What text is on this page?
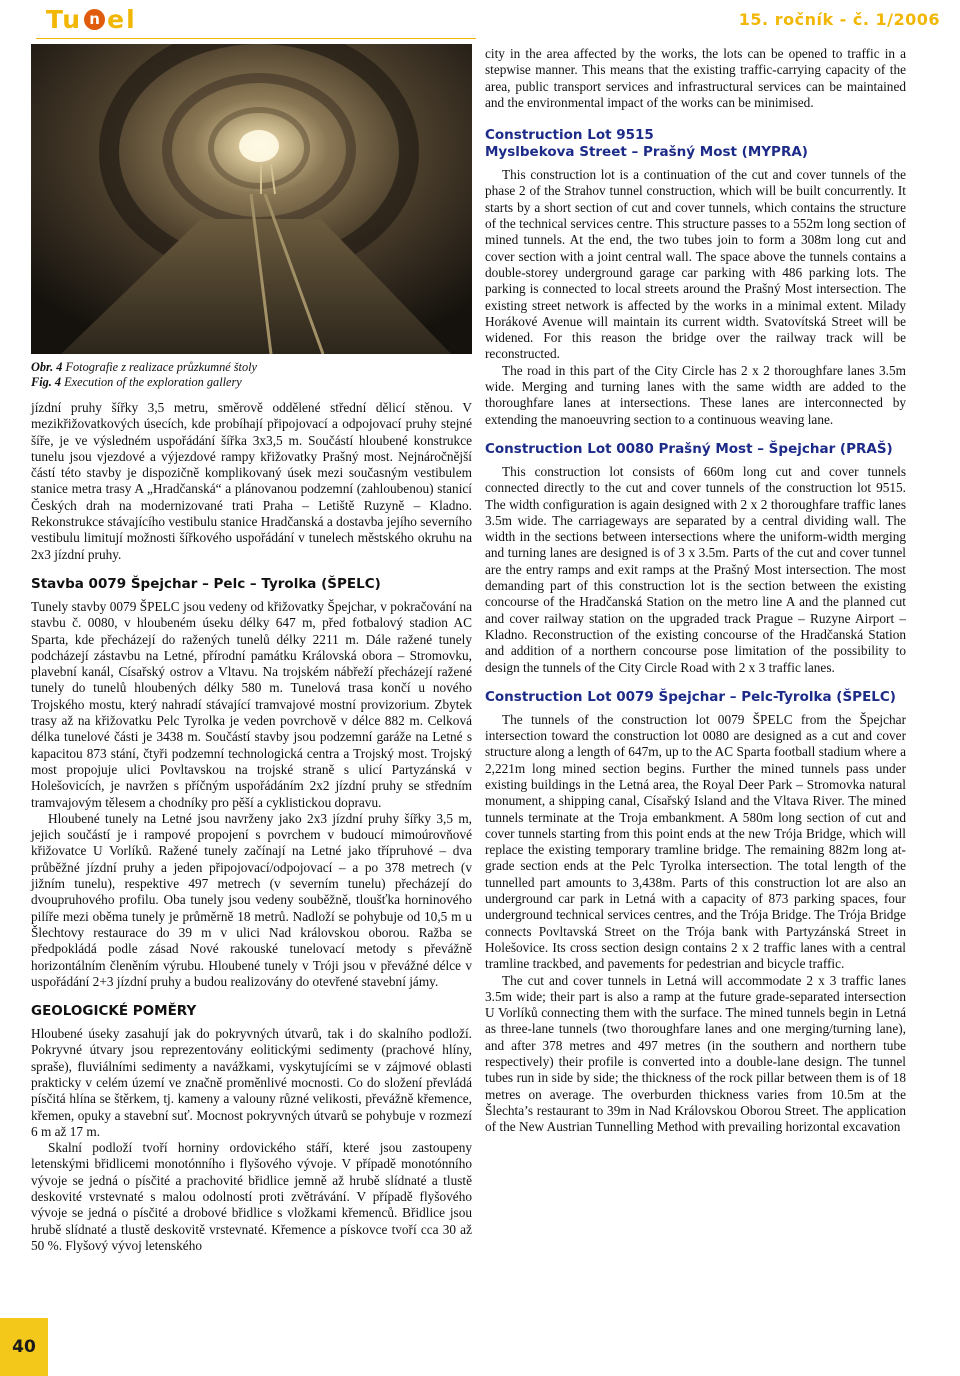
Tu n el	15. ročník - č. 1/2006
Obr. 4 Fotografie z realizace průzkumné štoly
Fig. 4 Execution of the exploration gallery

jízdní pruhy šířky 3,5 metru, směrově oddělené střední dělicí stěnou. V mezikřižovatkových úsecích, kde probíhají připojovací a odpojovací pruhy stejné šíře, je ve výsledném uspořádání šířka 3x3,5 m. Součástí hloubené konstrukce tunelu jsou vjezdové a výjezdové rampy křižovatky Prašný most. Nejnáročnější částí této stavby je dispozičně komplikovaný úsek mezi současným vestibulem stanice metra trasy A „Hradčanská“ a plánovanou podzemní (zahloubenou) stanicí Českých drah na modernizované trati Praha – Letiště Ruzyně – Kladno. Rekonstrukce stávajícího vestibulu stanice Hradčanská a dostavba jejího severního vestibulu limitují možnosti šířkového uspořádání v tunelech městského okruhu na 2x3 jízdní pruhy.

Stavba 0079 Špejchar – Pelc – Tyrolka (ŠPELC)

Tunely stavby 0079 ŠPELC jsou vedeny od křižovatky Špejchar, v pokračování na stavbu č. 0080, v hloubeném úseku délky 647 m, před fotbalový stadion AC Sparta, kde přecházejí do ražených tunelů délky 2211 m. Dále ražené tunely podcházejí zástavbu na Letné, přírodní památku Královská obora – Stromovku, plavební kanál, Císařský ostrov a Vltavu. Na trojském nábřeží přecházejí ražené tunely do tunelů hloubených délky 580 m. Tunelová trasa končí u nového Trojského mostu, který nahradí stávající tramvajové mostní provizorium. Zbytek trasy až na křižovatku Pelc Tyrolka je veden povrchově v délce 882 m. Celková délka tunelové části je 3438 m. Součástí stavby jsou podzemní garáže na Letné s kapacitou 873 stání, čtyři podzemní technologická centra a Trojský most. Trojský most propojuje ulici Povltavskou na trojské straně s ulicí Partyzánská v Holešovicích, je navržen s příčným uspořádáním 2x2 jízdní pruhy se středním tramvajovým tělesem a chodníky pro pěší a cyklistickou dopravu.

Hloubené tunely na Letné jsou navrženy jako 2x3 jízdní pruhy šířky 3,5 m, jejich součástí je i rampové propojení s povrchem v budoucí mimoúrovňové křižovatce U Vorlíků. Ražené tunely začínají na Letné jako třípruhové – dva průběžné jízdní pruhy a jeden připojovací/odpojovací – a po 378 metrech (v jižním tunelu), respektive 497 metrech (v severním tunelu) přecházejí do dvoupruhového profilu. Oba tunely jsou vedeny souběžně, tloušťka horninového pilíře mezi oběma tunely je průměrně 18 metrů. Nadloží se pohybuje od 10,5 m u Šlechtovy restaurace do 39 m v ulici Nad královskou oborou. Ražba se předpokládá podle zásad Nové rakouské tunelovací metody s převážně horizontálním členěním výrubu. Hloubené tunely v Tróji jsou v převážné délce v uspořádání 2+3 jízdní pruhy a budou realizovány do otevřené stavební jámy.

GEOLOGICKÉ POMĚRY

Hloubené úseky zasahují jak do pokryvných útvarů, tak i do skalního podloží. Pokryvné útvary jsou reprezentovány eolitickými sedimenty (prachové hlíny, spraše), fluviálními sedimenty a navážkami, vyskytujícími se v zájmové oblasti prakticky v celém území ve značně proměnlivé mocnosti. Co do složení převládá písčitá hlína se štěrkem, tj. kameny a valouny různé velikosti, převážně křemence, křemen, opuky a stavební suť. Mocnost pokryvných útvarů se pohybuje v rozmezí 6 m až 17 m.

Skalní podloží tvoří horniny ordovického stáří, které jsou zastoupeny letenskými břidlicemi monotónního i flyšového vývoje. V případě monotónního vývoje se jedná o písčité a prachovité břidlice jemně až hrubě slídnaté a tlustě deskovité vrstevnaté s malou odolností proti zvětrávání. V případě flyšového vývoje se jedná o písčité a drobové břidlice s vložkami křemenců. Břidlice jsou hrubě slídnaté a tlustě deskovitě vrstevnaté. Křemence a pískovce tvoří cca 30 až 50 %. Flyšový vývoj letenského

city in the area affected by the works, the lots can be opened to traffic in a stepwise manner. This means that the existing traffic-carrying capacity of the area, public transport services and infrastructural services can be maintained and the environmental impact of the works can be minimised.

Construction Lot 9515
Myslbekova Street – Prašný Most (MYPRA)

This construction lot is a continuation of the cut and cover tunnels of the phase 2 of the Strahov tunnel construction, which will be built concurrently. It starts by a short section of cut and cover tunnels, which contains the structure of the technical services centre. This structure passes to a 552m long section of mined tunnels. At the end, the two tubes join to form a 308m long cut and cover section with a joint central wall. The space above the tunnels contains a double-storey underground garage car parking with 486 parking lots. The parking is connected to local streets around the Prašný Most intersection. The existing street network is affected by the works in a minimal extent. Milady Horákové Avenue will maintain its current width. Svatovítská Street will be widened. For this reason the bridge over the railway track will be reconstructed.

The road in this part of the City Circle has 2 x 2 thoroughfare lanes 3.5m wide. Merging and turning lanes with the same width are added to the thoroughfare lanes at intersections. These lanes are interconnected by extending the manoeuvring section to a continuous weaving lane.

Construction Lot 0080 Prašný Most – Špejchar (PRAŠ)

This construction lot consists of 660m long cut and cover tunnels connected directly to the cut and cover tunnels of the construction lot 9515. The width configuration is again designed with 2 x 2 thoroughfare traffic lanes 3.5m wide. The carriageways are separated by a central dividing wall. The width in the sections between intersections where the uniform-width merging and turning lanes are designed is of 3 x 3.5m. Parts of the cut and cover tunnel are the entry ramps and exit ramps at the Prašný Most intersection. The most demanding part of this construction lot is the section between the existing concourse of the Hradčanská Station on the metro line A and the planned cut and cover railway station on the upgraded track Prague – Ruzyne Airport – Kladno. Reconstruction of the existing concourse of the Hradčanská Station and addition of a northern concourse pose limitation of the possibility to design the tunnels of the City Circle Road with 2 x 3 traffic lanes.

Construction Lot 0079 Špejchar – Pelc-Tyrolka (ŠPELC)

The tunnels of the construction lot 0079 ŠPELC from the Špejchar intersection toward the construction lot 0080 are designed as a cut and cover structure along a length of 647m, up to the AC Sparta football stadium where a 2,221m long mined section begins. Further the mined tunnels pass under existing buildings in the Letná area, the Royal Deer Park – Stromovka natural monument, a shipping canal, Císařský Island and the Vltava River. The mined tunnels terminate at the Troja embankment. A 580m long section of cut and cover tunnels starting from this point ends at the new Trója Bridge, which will replace the existing temporary tramline bridge. The remaining 882m long at-grade section ends at the Pelc Tyrolka intersection. The total length of the tunnelled part amounts to 3,438m. Parts of this construction lot are also an underground car park in Letná with a capacity of 873 parking spaces, four underground technical services centres, and the Trója Bridge. The Trója Bridge connects Povltavská Street on the Trója bank with Partyzánská Street in Holešovice. Its cross section design contains 2 x 2 traffic lanes with a central tramline trackbed, and pavements for pedestrian and bicycle traffic.

The cut and cover tunnels in Letná will accommodate 2 x 3 traffic lanes 3.5m wide; their part is also a ramp at the future grade-separated intersection U Vorlíků connecting them with the surface. The mined tunnels begin in Letná as three-lane tunnels (two thoroughfare lanes and one merging/turning lane), and after 378 metres and 497 metres (in the southern and northern tube respectively) their profile is converted into a double-lane design. The tunnel tubes run in side by side; the thickness of the rock pillar between them is of 18 metres on average. The overburden thickness varies from 10.5m at the Šlechta’s restaurant to 39m in Nad Královskou Oborou Street. The application of the New Austrian Tunnelling Method with prevailing horizontal excavation

40
